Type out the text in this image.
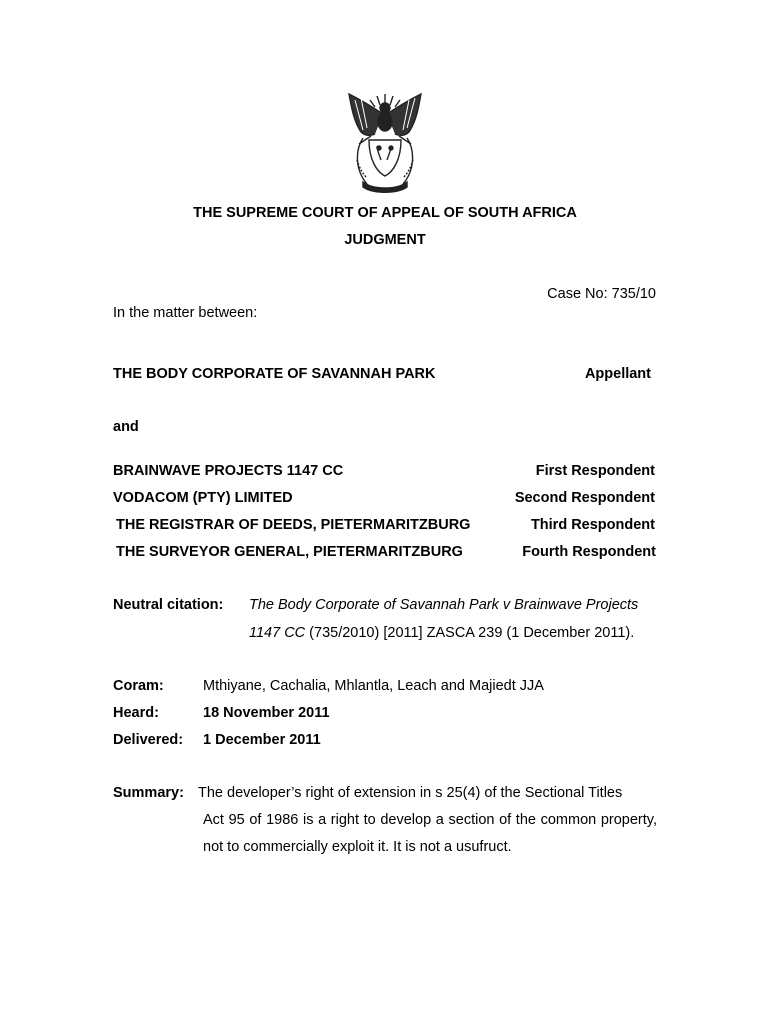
THE SUPREME COURT OF APPEAL OF SOUTH AFRICA
JUDGMENT
Case No: 735/10
In the matter between:
THE BODY CORPORATE OF SAVANNAH PARK	Appellant
and
BRAINWAVE PROJECTS 1147 CC	First Respondent
VODACOM (PTY) LIMITED	Second Respondent
THE REGISTRAR OF DEEDS, PIETERMARITZBURG	Third Respondent
THE SURVEYOR GENERAL, PIETERMARITZBURG	Fourth Respondent
Neutral citation: The Body Corporate of Savannah Park v Brainwave Projects
1147 CC (735/2010) [2011] ZASCA 239 (1 December 2011).
Coram:	Mthiyane, Cachalia, Mhlantla, Leach and Majiedt JJA
Heard:	18 November 2011
Delivered: 1 December 2011
Summary: The developer’s right of extension in s 25(4) of the Sectional Titles
Act 95 of 1986 is a right to develop a section of the common property, not to commercially exploit it. It is not a usufruct.
